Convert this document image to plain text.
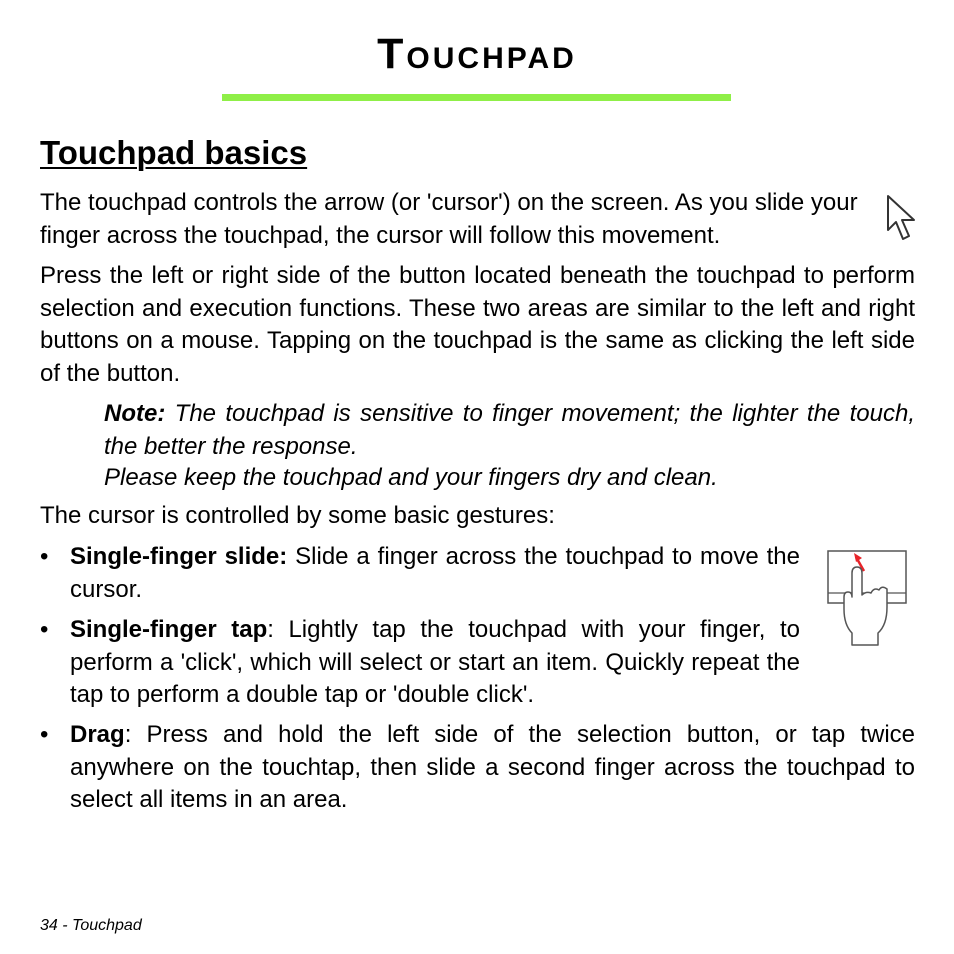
Touchpad
Touchpad basics

The touchpad controls the arrow (or 'cursor') on the screen. As you slide your finger across the touchpad, the cursor will follow this movement.

Press the left or right side of the button located beneath the touchpad to perform selection and execution functions. These two areas are similar to the left and right buttons on a mouse. Tapping on the touchpad is the same as clicking the left side of the button.

Note: The touchpad is sensitive to finger movement; the lighter the touch, the better the response.

Please keep the touchpad and your fingers dry and clean.

The cursor is controlled by some basic gestures:

• Single-finger slide: Slide a finger across the touchpad to move the cursor.

• Single-finger tap: Lightly tap the touchpad with your finger, to perform a 'click', which will select or start an item. Quickly repeat the tap to perform a double tap or 'double click'.

• Drag: Press and hold the left side of the selection button, or tap twice anywhere on the touchtap, then slide a second finger across the touchpad to select all items in an area.

34 - Touchpad
